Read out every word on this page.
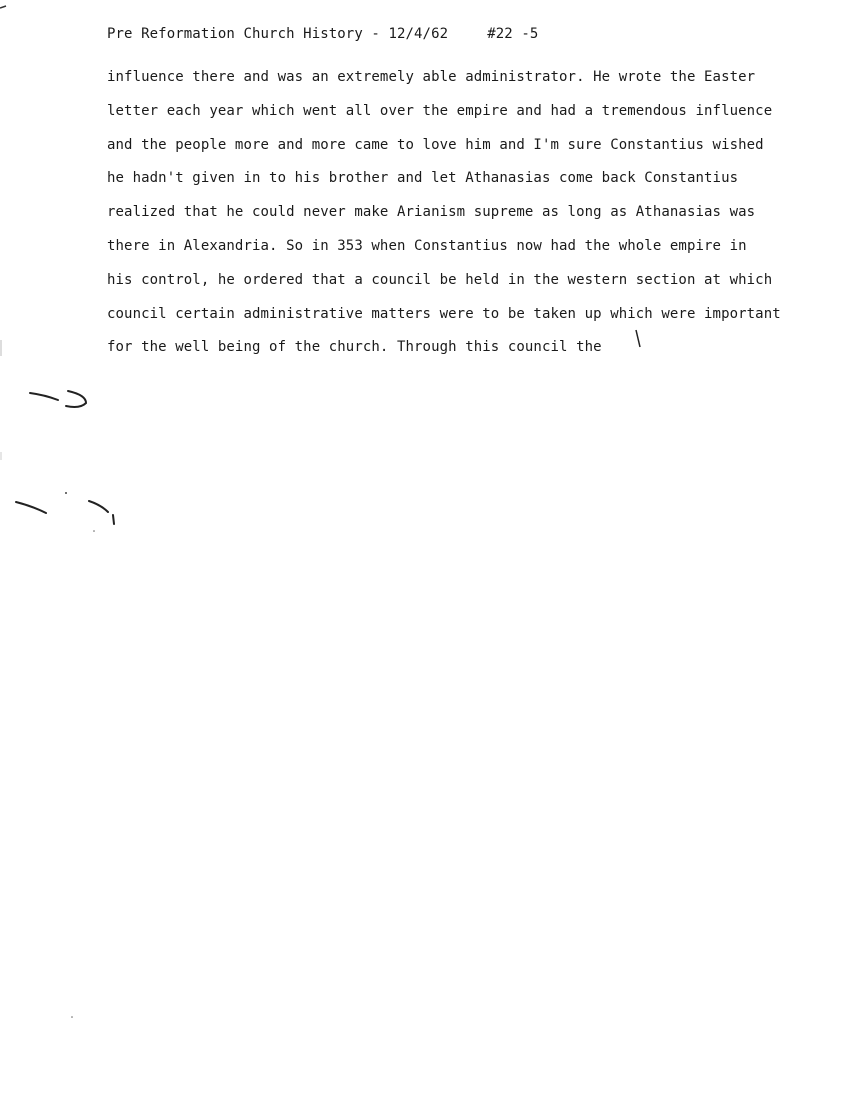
Pre Reformation Church History - 12/4/62	#22 -5
influence there and was an extremely able administrator. He wrote the Easter
letter each year which went all over the empire and had a tremendous influence
and the people more and more came to love him and I'm sure Constantius wished
he hadn't given in to his brother and let Athanasias come back Constantius
realized that he could never make Arianism supreme as long as Athanasias was
there in Alexandria. So in 353 when Constantius now had the whole empire in
his control, he ordered that a council be held in the western section at which
council certain administrative matters were to be taken up which were important
for the well being of the church. Through this council the
